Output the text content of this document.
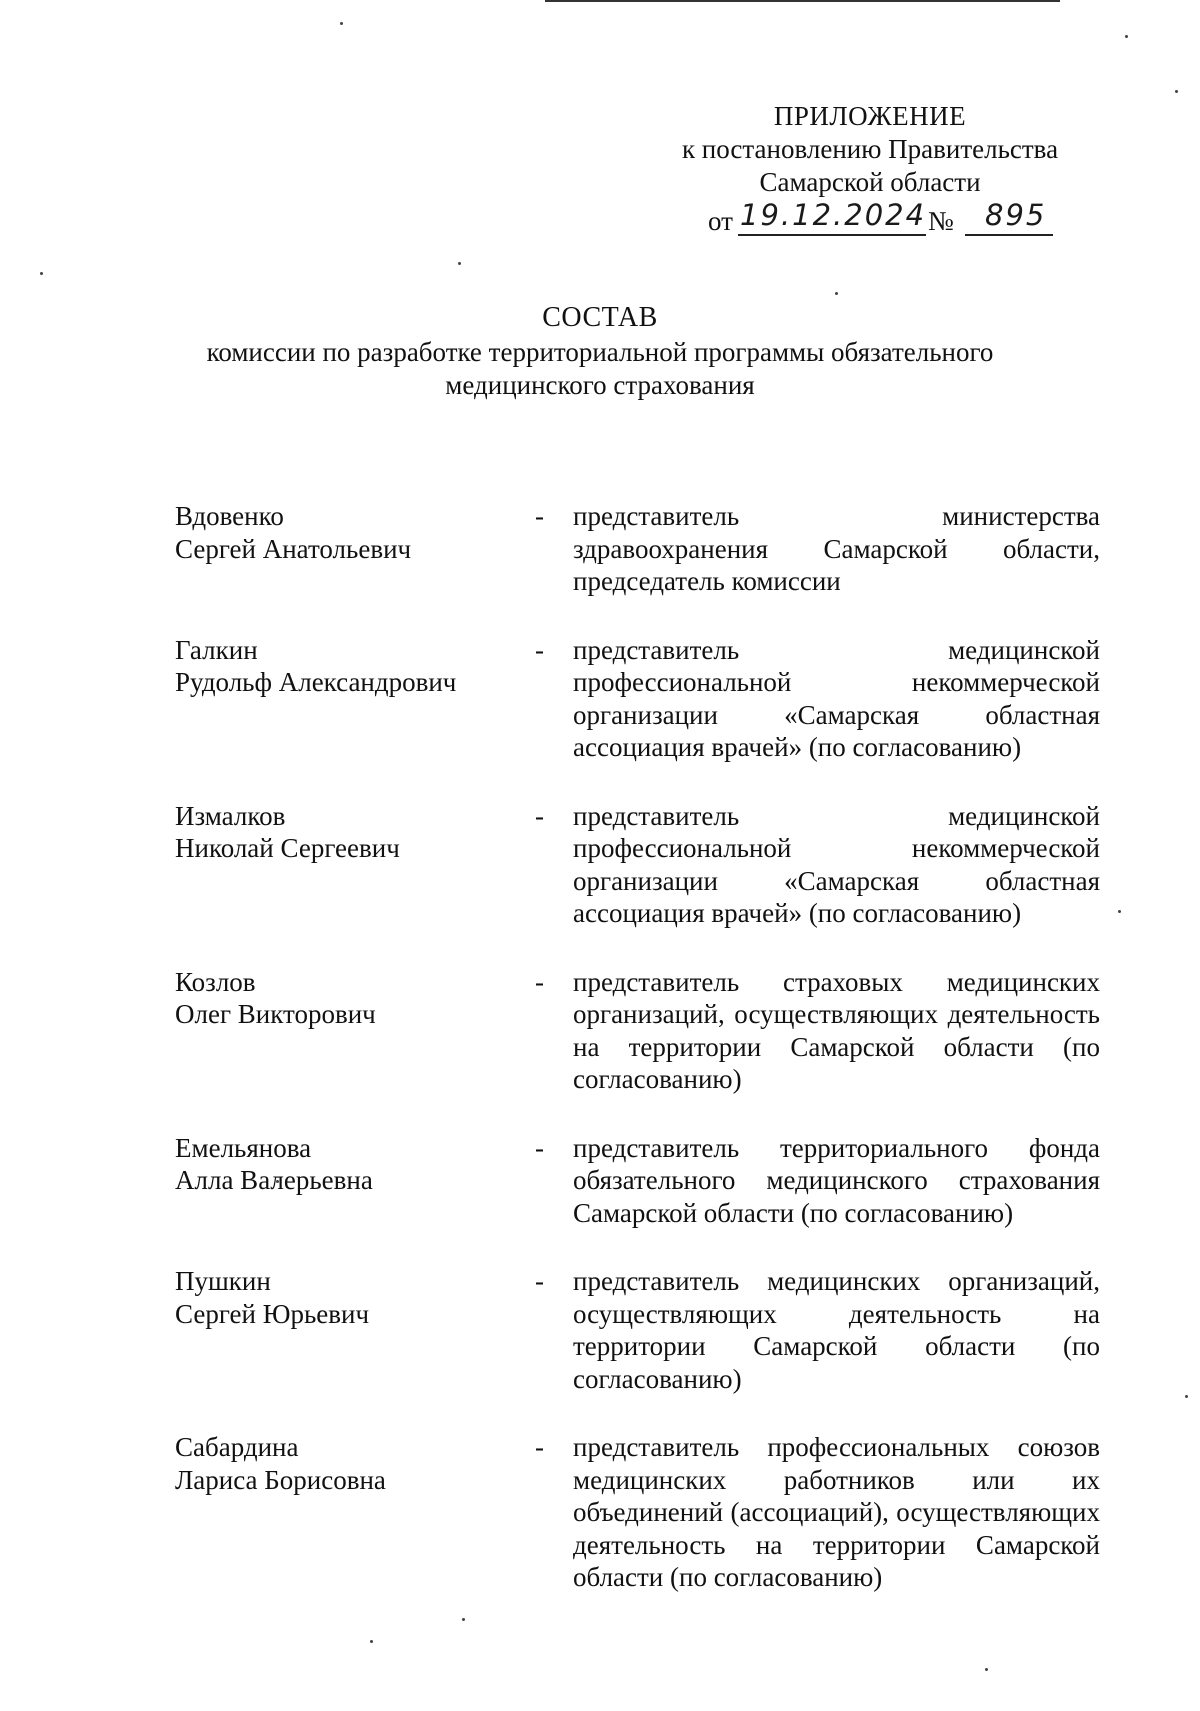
ПРИЛОЖЕНИЕ
к постановлению Правительства
Самарской области
от 19.12.2024 № 895
СОСТАВ
комиссии по разработке территориальной программы обязательного
медицинского страхования
Вдовенко
Сергей Анатольевич
- представитель министерства здравоохранения Самарской области, председатель комиссии
Галкин
Рудольф Александрович
- представитель медицинской профессиональной некоммерческой организации «Самарская областная ассоциация врачей» (по согласованию)
Измалков
Николай Сергеевич
- представитель медицинской профессиональной некоммерческой организации «Самарская областная ассоциация врачей» (по согласованию)
Козлов
Олег Викторович
- представитель страховых медицинских организаций, осуществляющих деятельность на территории Самарской области (по согласованию)
Емельянова
Алла Валерьевна
- представитель территориального фонда обязательного медицинского страхования Самарской области (по согласованию)
Пушкин
Сергей Юрьевич
- представитель медицинских организаций, осуществляющих деятельность на территории Самарской области (по согласованию)
Сабардина
Лариса Борисовна
- представитель профессиональных союзов медицинских работников или их объединений (ассоциаций), осуществляющих деятельность на территории Самарской области (по согласованию)
